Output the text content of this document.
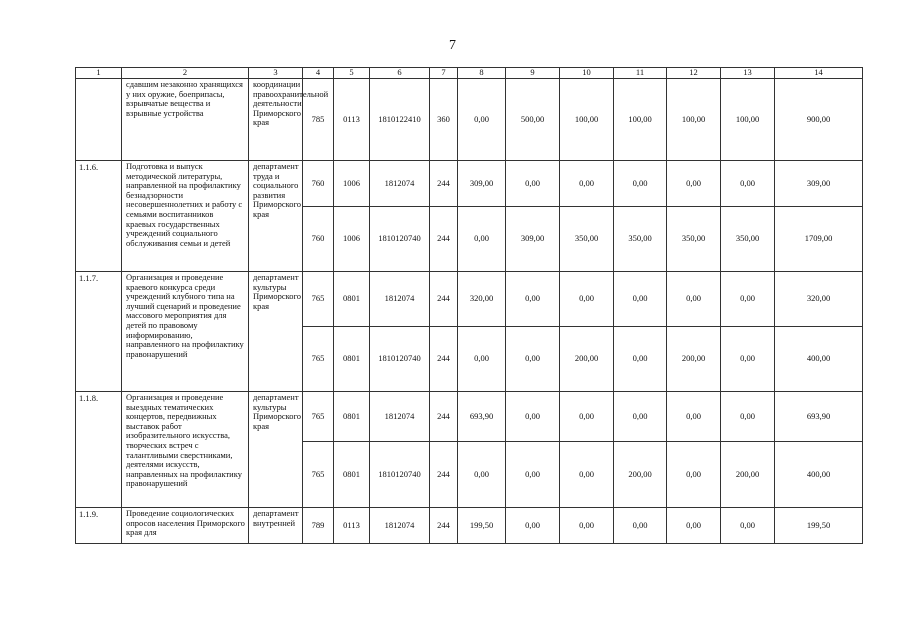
7
1	2	3	4	5	6	7	8	9	10	11	12	13	14
	сдавшим незаконно хранящихся у них оружие, боеприпасы, взрывчатые вещества и взрывные устройства	координации правоохранительной деятельности Приморского края	785	0113	1810122410	360	0,00	500,00	100,00	100,00	100,00	100,00	900,00
1.1.6.	Подготовка и выпуск методической литературы, направленной на профилактику безнадзорности несовершеннолетних и работу с семьями воспитанников краевых государственных учреждений социального обслуживания семьи и детей	департамент труда и социального развития Приморского края	760	1006	1812074	244	309,00	0,00	0,00	0,00	0,00	0,00	309,00
			760	1006	1810120740	244	0,00	309,00	350,00	350,00	350,00	350,00	1709,00
1.1.7.	Организация и проведение краевого конкурса среди учреждений клубного типа на лучший сценарий и проведение массового мероприятия для детей по правовому информированию, направленного на профилактику правонарушений	департамент культуры Приморского края	765	0801	1812074	244	320,00	0,00	0,00	0,00	0,00	0,00	320,00
			765	0801	1810120740	244	0,00	0,00	200,00	0,00	200,00	0,00	400,00
1.1.8.	Организация и проведение выездных тематических концертов, передвижных выставок работ изобразительного искусства, творческих встреч с талантливыми сверстниками, деятелями искусств, направленных на профилактику правонарушений	департамент культуры Приморского края	765	0801	1812074	244	693,90	0,00	0,00	0,00	0,00	0,00	693,90
			765	0801	1810120740	244	0,00	0,00	0,00	200,00	0,00	200,00	400,00
1.1.9.	Проведение социологических опросов населения Приморского края для	департамент внутренней	789	0113	1812074	244	199,50	0,00	0,00	0,00	0,00	0,00	199,50
